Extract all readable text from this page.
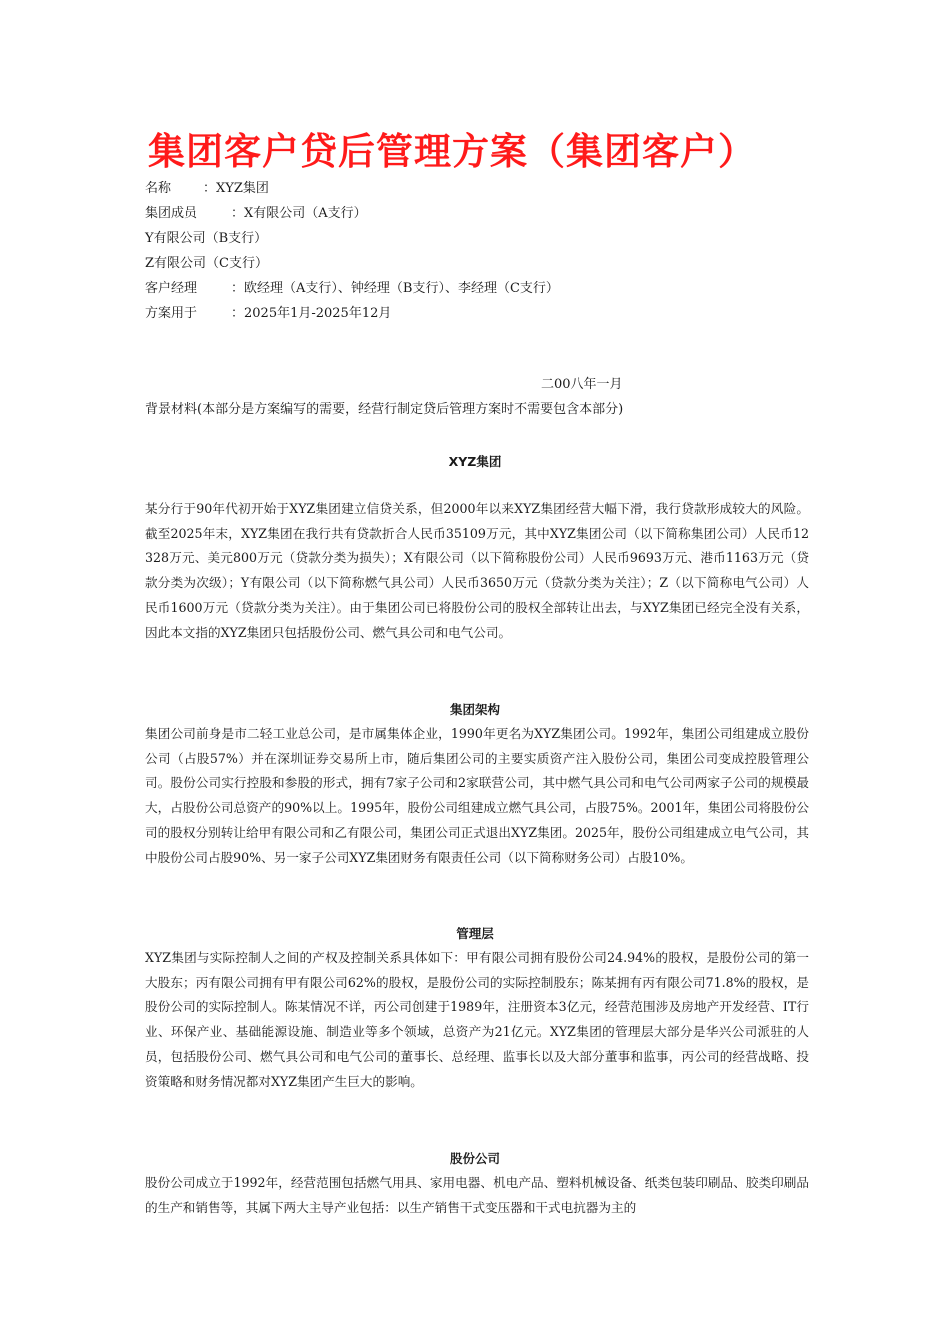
集团客户贷后管理方案（集团客户）
名称	：XYZ集团
集团成员	：X有限公司（A支行）
Y有限公司（B支行）
Z有限公司（C支行）
客户经理	：欧经理（A支行）、钟经理（B支行）、李经理（C支行）
方案用于	：2025年1月-2025年12月
二00八年一月
背景材料(本部分是方案编写的需要，经营行制定贷后管理方案时不需要包含本部分)
XYZ集团
某分行于90年代初开始于XYZ集团建立信贷关系，但2000年以来XYZ集团经营大幅下滑，我行贷款形成较大的风险。截至2025年末，XYZ集团在我行共有贷款折合人民币35109万元，其中XYZ集团公司（以下简称集团公司）人民币12328万元、美元800万元（贷款分类为损失）；X有限公司（以下简称股份公司）人民币9693万元、港币1163万元（贷款分类为次级）；Y有限公司（以下简称燃气具公司）人民币3650万元（贷款分类为关注）；Z（以下简称电气公司）人民币1600万元（贷款分类为关注）。由于集团公司已将股份公司的股权全部转让出去，与XYZ集团已经完全没有关系，因此本文指的XYZ集团只包括股份公司、燃气具公司和电气公司。
集团架构
集团公司前身是市二轻工业总公司，是市属集体企业，1990年更名为XYZ集团公司。1992年，集团公司组建成立股份公司（占股57%）并在深圳证券交易所上市，随后集团公司的主要实质资产注入股份公司，集团公司变成控股管理公司。股份公司实行控股和参股的形式，拥有7家子公司和2家联营公司，其中燃气具公司和电气公司两家子公司的规模最大，占股份公司总资产的90%以上。1995年，股份公司组建成立燃气具公司，占股75%。2001年，集团公司将股份公司的股权分别转让给甲有限公司和乙有限公司，集团公司正式退出XYZ集团。2025年，股份公司组建成立电气公司，其中股份公司占股90%、另一家子公司XYZ集团财务有限责任公司（以下简称财务公司）占股10%。
管理层
XYZ集团与实际控制人之间的产权及控制关系具体如下：甲有限公司拥有股份公司24.94%的股权，是股份公司的第一大股东；丙有限公司拥有甲有限公司62%的股权，是股份公司的实际控制股东；陈某拥有丙有限公司71.8%的股权，是股份公司的实际控制人。陈某情况不详，丙公司创建于1989年，注册资本3亿元，经营范围涉及房地产开发经营、IT行业、环保产业、基础能源设施、制造业等多个领域，总资产为21亿元。XYZ集团的管理层大部分是华兴公司派驻的人员，包括股份公司、燃气具公司和电气公司的董事长、总经理、监事长以及大部分董事和监事，丙公司的经营战略、投资策略和财务情况都对XYZ集团产生巨大的影响。
股份公司
股份公司成立于1992年，经营范围包括燃气用具、家用电器、机电产品、塑料机械设备、纸类包装印刷品、胶类印刷品的生产和销售等，其属下两大主导产业包括：以生产销售干式变压器和干式电抗器为主的
